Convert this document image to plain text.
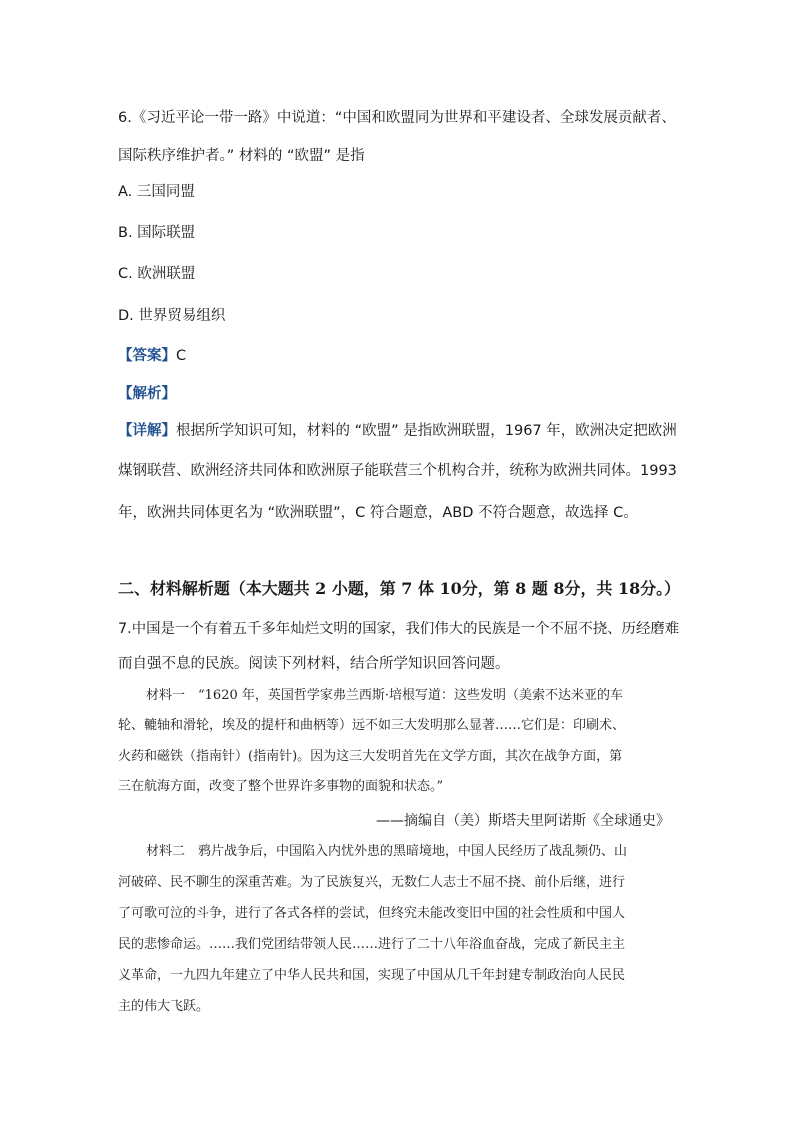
6.《习近平论一带一路》中说道：“中国和欧盟同为世界和平建设者、全球发展贡献者、
国际秩序维护者。” 材料的 “欧盟” 是指
A. 三国同盟
B. 国际联盟
C. 欧洲联盟
D. 世界贸易组织
【答案】C
【解析】
【详解】根据所学知识可知，材料的 “欧盟” 是指欧洲联盟，1967 年，欧洲决定把欧洲
煤钢联营、欧洲经济共同体和欧洲原子能联营三个机构合并，统称为欧洲共同体。1993
年，欧洲共同体更名为 “欧洲联盟”，C 符合题意，ABD 不符合题意，故选择 C。
二、材料解析题（本大题共 2 小题，第 7 体 10分，第 8 题 8分，共 18分。）
7.中国是一个有着五千多年灿烂文明的国家，我们伟大的民族是一个不屈不挠、历经磨难
而自强不息的民族。阅读下列材料，结合所学知识回答问题。
材料一　“1620 年，英国哲学家弗兰西斯·培根写道：这些发明（美索不达米亚的车
轮、轆轴和滑轮，埃及的提杆和曲柄等）远不如三大发明那么显著……它们是：印刷术、
火药和磁铁（指南针）(指南针)。因为这三大发明首先在文学方面，其次在战争方面，第
三在航海方面，改变了整个世界许多事物的面貌和状态。”
——摘编自（美）斯塔夫里阿诺斯《全球通史》
材料二　鸦片战争后，中国陷入内忧外患的黑暗境地，中国人民经历了战乱频仍、山
河破碎、民不聊生的深重苦难。为了民族复兴，无数仁人志士不屈不挠、前仆后继，进行
了可歌可泣的斗争，进行了各式各样的尝试，但终究未能改变旧中国的社会性质和中国人
民的悲惨命运。……我们党团结带领人民……进行了二十八年浴血奋战，完成了新民主主
义革命，一九四九年建立了中华人民共和国，实现了中国从几千年封建专制政治向人民民
主的伟大飞跃。
